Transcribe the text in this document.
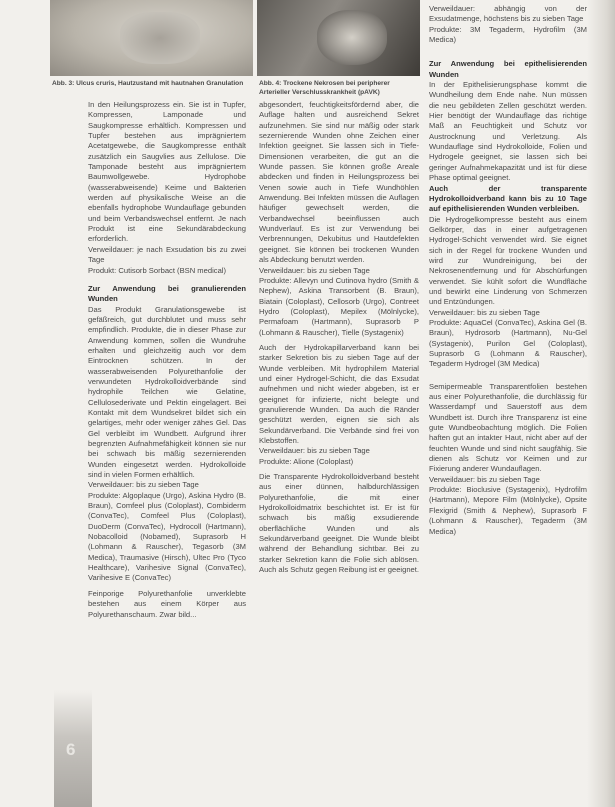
Abb. 3: Ulcus cruris, Hautzustand mit hautnahen Granulation	Abb. 4: Trockene Nekrosen bei peripherer Arterieller Verschlusskrankheit (pAVK)

In den Heilungsprozess ein. Sie ist in Tupfer, Kompressen, Lamponade und Saugkompresse erhältlich. Kompressen und Tupfer bestehen aus imprägniertem Acetatgewebe, die Saugkompresse enthält zusätzlich ein Saugvlies aus Zellulose. Die Tamponade besteht aus imprägniertem Baumwollgewebe. Hydrophobe (wasserabweisende) Keime und Bakterien werden auf physikalische Weise an die ebenfalls hydrophobe Wundauflage gebunden und beim Verbandswechsel entfernt. Je nach Produkt ist eine Sekundärabdeckung erforderlich.

Verweildauer: je nach Exsudation bis zu zwei Tage

Produkt: Cutisorb Sorbact (BSN medical)

Zur Anwendung bei granulierenden Wunden

Das Produkt Granulationsgewebe ist gefäßreich, gut durchblutet und muss sehr empfindlich. Produkte, die in dieser Phase zur Anwendung kommen, sollen die Wundruhe erhalten und gleichzeitig auch vor dem Eintrocknen schützen. In der wasserabweisenden Polyurethanfolie der verwundeten Hydrokolloidverbände sind hydrophile Teilchen wie Gelatine, Cellulosederivate und Pektin eingelagert. Bei Kontakt mit dem Wundsekret bildet sich ein gelartiges, mehr oder weniger zähes Gel. Das Gel verbleibt im Wundbett. Aufgrund ihrer begrenzten Aufnahmefähigkeit können sie nur bei schwach bis mäßig sezernierenden Wunden eingesetzt werden. Hydrokolloide sind in vielen Formen erhältlich.

Verweildauer: bis zu sieben Tage

Produkte: Algoplaque (Urgo), Askina Hydro (B. Braun), Comfeel plus (Coloplast), Combiderm (ConvaTec), Comfeel Plus (Coloplast), DuoDerm (ConvaTec), Hydrocoll (Hartmann), Nobacolloid (Nobamed), Suprasorb H (Lohmann & Rauscher), Tegasorb (3M Medica), Traumasive (Hirsch), Ultec Pro (Tyco Healthcare), Varihesive Signal (ConvaTec), Varihesive E (ConvaTec)

Feinporige Polyurethanfolie unverklebte bestehen aus einem Körper aus Polyurethanschaum. Zwar bild...

abgesondert, feuchtigkeitsfördernd aber, die Auflage halten und ausreichend Sekret aufzunehmen. Sie sind nur mäßig oder stark sezernierende Wunden ohne Zeichen einer Infektion geeignet. Sie lassen sich in Tiefe-Dimensionen verarbeiten, die gut an die Wunde passen. Sie können große Areale abdecken und finden in Heilungsprozess bei Venen sowie auch in Tiefe Wundhöhlen Anwendung. Bei Infekten müssen die Auflagen häufiger gewechselt werden, die Verbandwechsel beeinflussen auch Wundverlauf. Es ist zur Verwendung bei Verbrennungen, Dekubitus und Hautdefekten geeignet. Sie können bei trockenen Wunden als Abdeckung benutzt werden.

Verweildauer: bis zu sieben Tage

Produkte: Allevyn und Cutinova hydro (Smith & Nephew), Askina Transorbent (B. Braun), Biatain (Coloplast), Cellosorb (Urgo), Contreet Hydro (Coloplast), Mepilex (Mölnlycke), Permafoam (Hartmann), Suprasorb P (Lohmann & Rauscher), Tielle (Systagenix)

Auch der Hydrokapillarverband kann bei starker Sekretion bis zu sieben Tage auf der Wunde verbleiben. Mit hydrophilem Material und einer Hydrogel-Schicht, die das Exsudat aufnehmen und nicht wieder abgeben, ist er geeignet für infizierte, nicht belegte und granulierende Wunden. Da auch die Ränder geschützt werden, eignen sie sich als Sekundärverband. Die Verbände sind frei von Klebstoffen.

Verweildauer: bis zu sieben Tage

Produkte: Alione (Coloplast)

Die Transparente Hydrokolloidverband besteht aus einer dünnen, halbdurchlässigen Polyurethanfolie, die mit einer Hydrokolloidmatrix beschichtet ist. Er ist für schwach bis mäßig exsudierende oberflächliche Wunden und als Sekundärverband geeignet. Die Wunde bleibt während der Behandlung sichtbar. Bei zu starker Sekretion kann die Folie sich ablösen. Auch als Schutz gegen Reibung ist er geeignet.

Verweildauer: abhängig von der Exsudatmenge, höchstens bis zu sieben Tage

Produkte: 3M Tegaderm, Hydrofilm (3M Medica)

Zur Anwendung bei epithelisierenden Wunden

In der Epithelisierungsphase kommt die Wundheilung dem Ende nahe. Nun müssen die neu gebildeten Zellen geschützt werden. Hier benötigt der Wundauflage das richtige Maß an Feuchtigkeit und Schutz vor Austrocknung und Verletzung. Als Wundauflage sind Hydrokolloide, Folien und Hydrogele geeignet, sie lassen sich bei geringer Aufnahmekapazität und ist für diese Phase optimal geeignet.

Auch der transparente Hydrokolloidverband kann bis zu 10 Tage auf epithelisierenden Wunden verbleiben.

Die Hydrogelkompresse besteht aus einem Gelkörper, das in einer aufgetragenen Hydrogel-Schicht verwendet wird. Sie eignet sich in der Regel für trockene Wunden und wird zur Wundreinigung, bei der Nekrosenentfernung und für Abschürfungen verwendet. Sie kühlt sofort die Wundfläche und bewirkt eine Linderung von Schmerzen und Entzündungen.

Verweildauer: bis zu sieben Tage

Produkte: AquaCel (ConvaTec), Askina Gel (B. Braun), Hydrosorb (Hartmann), Nu-Gel (Systagenix), Purilon Gel (Coloplast), Suprasorb G (Lohmann & Rauscher), Tegaderm Hydrogel (3M Medica)

Semipermeable Transparentfolien bestehen aus einer Polyurethanfolie, die durchlässig für Wasserdampf und Sauerstoff aus dem Wundbett ist. Durch ihre Transparenz ist eine gute Wundbeobachtung möglich. Die Folien haften gut an intakter Haut, nicht aber auf der feuchten Wunde und sind nicht saugfähig. Sie dienen als Schutz vor Keimen und zur Fixierung anderer Wundauflagen.

Verweildauer: bis zu sieben Tage

Produkte: Bioclusive (Systagenix), Hydrofilm (Hartmann), Mepore Film (Mölnlycke), Opsite Flexigrid (Smith & Nephew), Suprasorb F (Lohmann & Rauscher), Tegaderm (3M Medica)

6
